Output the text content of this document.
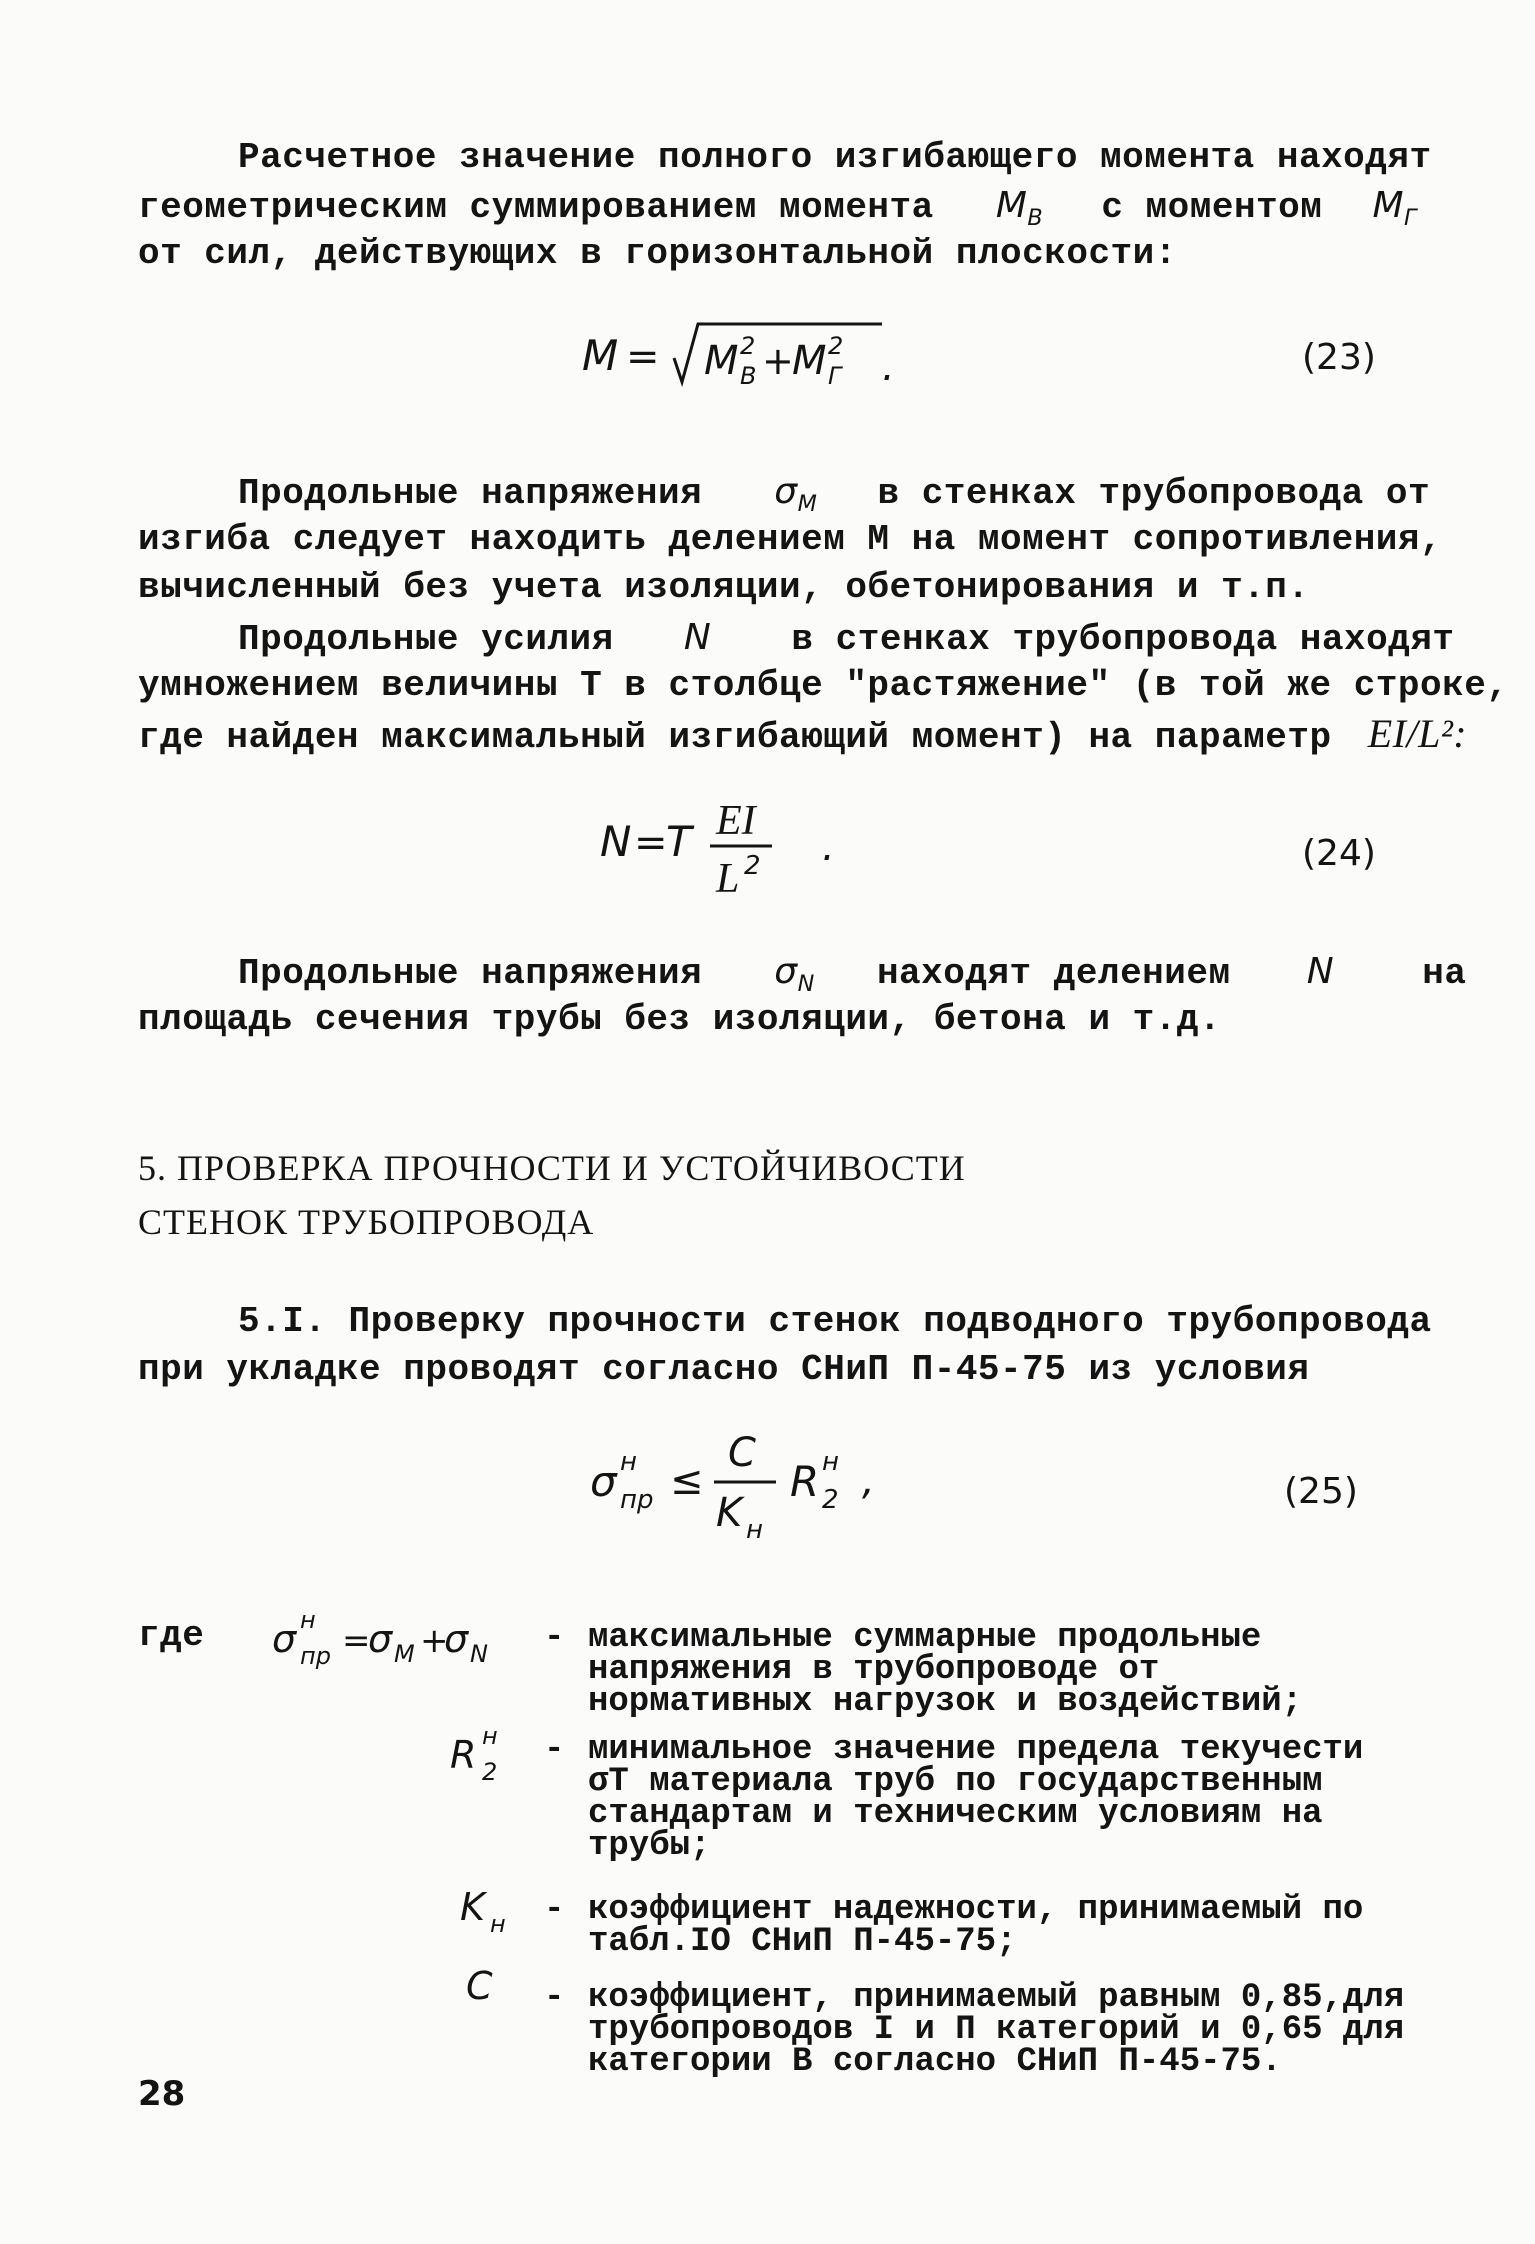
Расчетное значение полного изгибающего момента находят
геометрическим суммированием момента $M_B$ с моментом $M_Г$
от сил, действующих в горизонтальной плоскости:
M = M 2
B +
M 2
Г .	(23)
Продольные напряжения $\sigma_M$ в стенках трубопровода от
изгиба следует находить делением М на момент сопротивления,
вычисленный без учета изоляции, обетонирования и т.п.
Продольные усилия N в стенках трубопровода находят
умножением величины Т в столбце "растяжение" (в той же строке,
где найден максимальный изгибающий момент) на параметр EI/L²:
N =
T EI
L 2 .	(24)
Продольные напряжения $\sigma_N$ находят делением N на
площадь сечения трубы без изоляции, бетона и т.д.
5. ПРОВЕРКА ПРОЧНОСТИ И УСТОЙЧИВОСТИ
СТЕНОК ТРУБОПРОВОДА
5.I. Проверку прочности стенок подводного трубопровода
при укладке проводят согласно СНиП П-45-75 из условия
σ н
пр ≤
C
K н
R н
2 ,	(25)
где σ н
пр =
σ M +
σ N - максимальные суммарные продольные напряжения в трубопроводе от нормативных нагрузок и воздействий;
R н
2
- минимальное значение предела текучести σТ материала труб по государственным стандартам и техническим условиям на трубы;
K н - коэффициент надежности, принимаемый по табл.IO СНиП П-45-75;
C - коэффициент, принимаемый равным 0,85,для трубопроводов I и П категорий и 0,65 для категории В согласно СНиП П-45-75.
28
